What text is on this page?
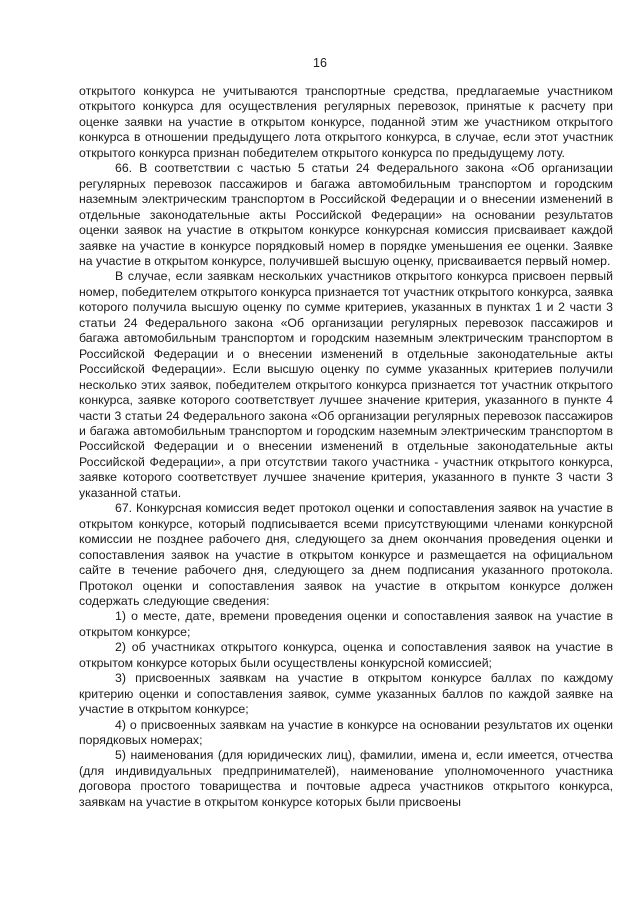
16

открытого конкурса не учитываются транспортные средства, предлагаемые участником открытого конкурса для осуществления регулярных перевозок, принятые к расчету при оценке заявки на участие в открытом конкурсе, поданной этим же участником открытого конкурса в отношении предыдущего лота открытого конкурса, в случае, если этот участник открытого конкурса признан победителем открытого конкурса по предыдущему лоту.

66. В соответствии с частью 5 статьи 24 Федерального закона «Об организации регулярных перевозок пассажиров и багажа автомобильным транспортом и городским наземным электрическим транспортом в Российской Федерации и о внесении изменений в отдельные законодательные акты Российской Федерации» на основании результатов оценки заявок на участие в открытом конкурсе конкурсная комиссия присваивает каждой заявке на участие в конкурсе порядковый номер в порядке уменьшения ее оценки. Заявке на участие в открытом конкурсе, получившей высшую оценку, присваивается первый номер.

В случае, если заявкам нескольких участников открытого конкурса присвоен первый номер, победителем открытого конкурса признается тот участник открытого конкурса, заявка которого получила высшую оценку по сумме критериев, указанных в пунктах 1 и 2 части 3 статьи 24 Федерального закона «Об организации регулярных перевозок пассажиров и багажа автомобильным транспортом и городским наземным электрическим транспортом в Российской Федерации и о внесении изменений в отдельные законодательные акты Российской Федерации». Если высшую оценку по сумме указанных критериев получили несколько этих заявок, победителем открытого конкурса признается тот участник открытого конкурса, заявке которого соответствует лучшее значение критерия, указанного в пункте 4 части 3 статьи 24 Федерального закона «Об организации регулярных перевозок пассажиров и багажа автомобильным транспортом и городским наземным электрическим транспортом в Российской Федерации и о внесении изменений в отдельные законодательные акты Российской Федерации», а при отсутствии такого участника - участник открытого конкурса, заявке которого соответствует лучшее значение критерия, указанного в пункте 3 части 3 указанной статьи.

67. Конкурсная комиссия ведет протокол оценки и сопоставления заявок на участие в открытом конкурсе, который подписывается всеми присутствующими членами конкурсной комиссии не позднее рабочего дня, следующего за днем окончания проведения оценки и сопоставления заявок на участие в открытом конкурсе и размещается на официальном сайте в течение рабочего дня, следующего за днем подписания указанного протокола. Протокол оценки и сопоставления заявок на участие в открытом конкурсе должен содержать следующие сведения:

1) о месте, дате, времени проведения оценки и сопоставления заявок на участие в открытом конкурсе;

2) об участниках открытого конкурса, оценка и сопоставления заявок на участие в открытом конкурсе которых были осуществлены конкурсной комиссией;

3) присвоенных заявкам на участие в открытом конкурсе баллах по каждому критерию оценки и сопоставления заявок, сумме указанных баллов по каждой заявке на участие в открытом конкурсе;

4) о присвоенных заявкам на участие в конкурсе на основании результатов их оценки порядковых номерах;

5) наименования (для юридических лиц), фамилии, имена и, если имеется, отчества (для индивидуальных предпринимателей), наименование уполномоченного участника договора простого товарищества и почтовые адреса участников открытого конкурса, заявкам на участие в открытом конкурсе которых были присвоены
